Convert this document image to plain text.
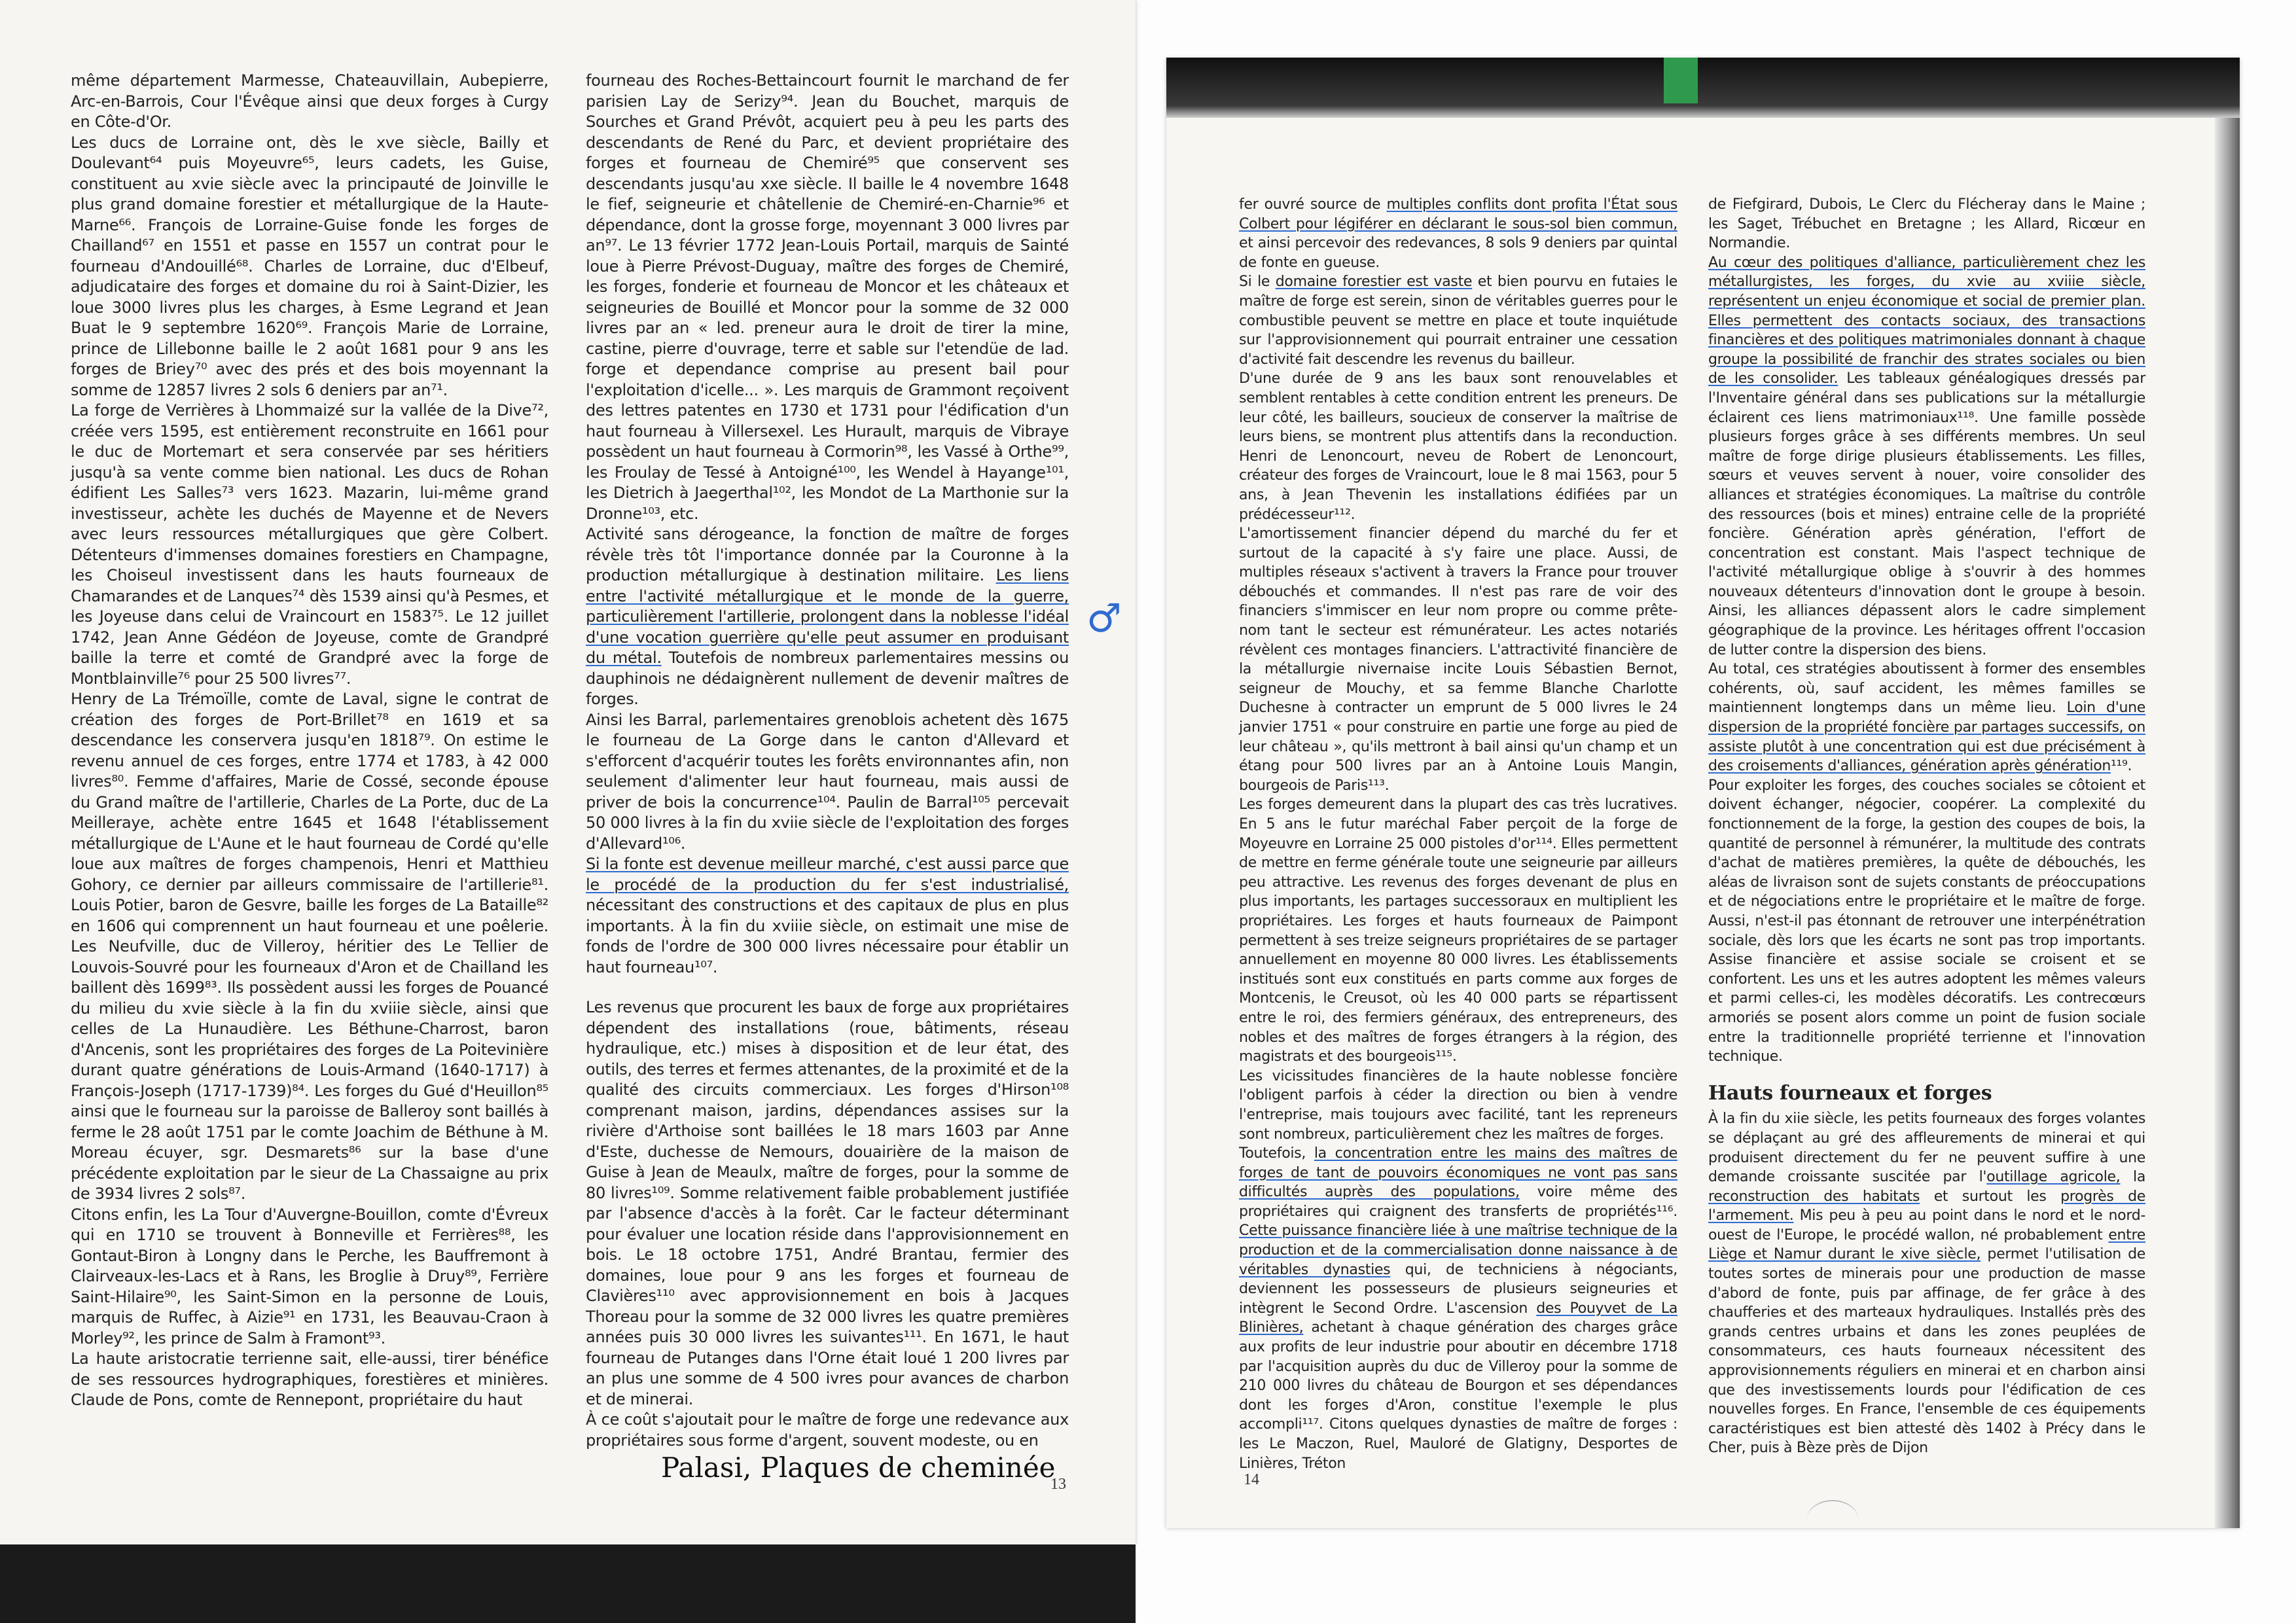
même département Marmesse, Chateauvillain, Aubepierre, Arc-en-Barrois, Cour l'Évêque ainsi que deux forges à Curgy en Côte-d'Or.

Les ducs de Lorraine ont, dès le xve siècle, Bailly et Doulevant⁶⁴ puis Moyeuvre⁶⁵, leurs cadets, les Guise, constituent au xvie siècle avec la principauté de Joinville le plus grand domaine forestier et métallurgique de la Haute-Marne⁶⁶. François de Lorraine-Guise fonde les forges de Chailland⁶⁷ en 1551 et passe en 1557 un contrat pour le fourneau d'Andouillé⁶⁸. Charles de Lorraine, duc d'Elbeuf, adjudicataire des forges et domaine du roi à Saint-Dizier, les loue 3000 livres plus les charges, à Esme Legrand et Jean Buat le 9 septembre 1620⁶⁹. François Marie de Lorraine, prince de Lillebonne baille le 2 août 1681 pour 9 ans les forges de Briey⁷⁰ avec des prés et des bois moyennant la somme de 12857 livres 2 sols 6 deniers par an⁷¹.

La forge de Verrières à Lhommaizé sur la vallée de la Dive⁷², créée vers 1595, est entièrement reconstruite en 1661 pour le duc de Mortemart et sera conservée par ses héritiers jusqu'à sa vente comme bien national. Les ducs de Rohan édifient Les Salles⁷³ vers 1623. Mazarin, lui-même grand investisseur, achète les duchés de Mayenne et de Nevers avec leurs ressources métallurgiques que gère Colbert. Détenteurs d'immenses domaines forestiers en Champagne, les Choiseul investissent dans les hauts fourneaux de Chamarandes et de Lanques⁷⁴ dès 1539 ainsi qu'à Pesmes, et les Joyeuse dans celui de Vraincourt en 1583⁷⁵. Le 12 juillet 1742, Jean Anne Gédéon de Joyeuse, comte de Grandpré baille la terre et comté de Grandpré avec la forge de Montblainville⁷⁶ pour 25 500 livres⁷⁷.

Henry de La Trémoïlle, comte de Laval, signe le contrat de création des forges de Port-Brillet⁷⁸ en 1619 et sa descendance les conservera jusqu'en 1818⁷⁹. On estime le revenu annuel de ces forges, entre 1774 et 1783, à 42 000 livres⁸⁰. Femme d'affaires, Marie de Cossé, seconde épouse du Grand maître de l'artillerie, Charles de La Porte, duc de La Meilleraye, achète entre 1645 et 1648 l'établissement métallurgique de L'Aune et le haut fourneau de Cordé qu'elle loue aux maîtres de forges champenois, Henri et Matthieu Gohory, ce dernier par ailleurs commissaire de l'artillerie⁸¹. Louis Potier, baron de Gesvre, baille les forges de La Bataille⁸² en 1606 qui comprennent un haut fourneau et une poêlerie. Les Neufville, duc de Villeroy, héritier des Le Tellier de Louvois-Souvré pour les fourneaux d'Aron et de Chailland les baillent dès 1699⁸³. Ils possèdent aussi les forges de Pouancé du milieu du xvie siècle à la fin du xviiie siècle, ainsi que celles de La Hunaudière. Les Béthune-Charrost, baron d'Ancenis, sont les propriétaires des forges de La Poitevinière durant quatre générations de Louis-Armand (1640-1717) à François-Joseph (1717-1739)⁸⁴. Les forges du Gué d'Heuillon⁸⁵ ainsi que le fourneau sur la paroisse de Balleroy sont baillés à ferme le 28 août 1751 par le comte Joachim de Béthune à M. Moreau écuyer, sgr. Desmarets⁸⁶ sur la base d'une précédente exploitation par le sieur de La Chassaigne au prix de 3934 livres 2 sols⁸⁷.

Citons enfin, les La Tour d'Auvergne-Bouillon, comte d'Évreux qui en 1710 se trouvent à Bonneville et Ferrières⁸⁸, les Gontaut-Biron à Longny dans le Perche, les Bauffremont à Clairveaux-les-Lacs et à Rans, les Broglie à Druy⁸⁹, Ferrière Saint-Hilaire⁹⁰, les Saint-Simon en la personne de Louis, marquis de Ruffec, à Aizie⁹¹ en 1731, les Beauvau-Craon à Morley⁹², les prince de Salm à Framont⁹³.

La haute aristocratie terrienne sait, elle-aussi, tirer bénéfice de ses ressources hydrographiques, forestières et minières. Claude de Pons, comte de Rennepont, propriétaire du haut

fourneau des Roches-Bettaincourt fournit le marchand de fer parisien Lay de Serizy⁹⁴. Jean du Bouchet, marquis de Sourches et Grand Prévôt, acquiert peu à peu les parts des descendants de René du Parc, et devient propriétaire des forges et fourneau de Chemiré⁹⁵ que conservent ses descendants jusqu'au xxe siècle. Il baille le 4 novembre 1648 le fief, seigneurie et châtellenie de Chemiré-en-Charnie⁹⁶ et dépendance, dont la grosse forge, moyennant 3 000 livres par an⁹⁷. Le 13 février 1772 Jean-Louis Portail, marquis de Sainté loue à Pierre Prévost-Duguay, maître des forges de Chemiré, les forges, fonderie et fourneau de Moncor et les châteaux et seigneuries de Bouillé et Moncor pour la somme de 32 000 livres par an « led. preneur aura le droit de tirer la mine, castine, pierre d'ouvrage, terre et sable sur l'etendüe de lad. forge et dependance comprise au present bail pour l'exploitation d'icelle... ». Les marquis de Grammont reçoivent des lettres patentes en 1730 et 1731 pour l'édification d'un haut fourneau à Villersexel. Les Hurault, marquis de Vibraye possèdent un haut fourneau à Cormorin⁹⁸, les Vassé à Orthe⁹⁹, les Froulay de Tessé à Antoigné¹⁰⁰, les Wendel à Hayange¹⁰¹, les Dietrich à Jaegerthal¹⁰², les Mondot de La Marthonie sur la Dronne¹⁰³, etc.

Activité sans dérogeance, la fonction de maître de forges révèle très tôt l'importance donnée par la Couronne à la production métallurgique à destination militaire. Les liens entre l'activité métallurgique et le monde de la guerre, particulièrement l'artillerie, prolongent dans la noblesse l'idéal d'une vocation guerrière qu'elle peut assumer en produisant du métal. Toutefois de nombreux parlementaires messins ou dauphinois ne dédaignèrent nullement de devenir maîtres de forges.

Ainsi les Barral, parlementaires grenoblois achetent dès 1675 le fourneau de La Gorge dans le canton d'Allevard et s'efforcent d'acquérir toutes les forêts environnantes afin, non seulement d'alimenter leur haut fourneau, mais aussi de priver de bois la concurrence¹⁰⁴. Paulin de Barral¹⁰⁵ percevait 50 000 livres à la fin du xviie siècle de l'exploitation des forges d'Allevard¹⁰⁶.

Si la fonte est devenue meilleur marché, c'est aussi parce que le procédé de la production du fer s'est industrialisé, nécessitant des constructions et des capitaux de plus en plus importants. À la fin du xviiie siècle, on estimait une mise de fonds de l'ordre de 300 000 livres nécessaire pour établir un haut fourneau¹⁰⁷.

Les revenus que procurent les baux de forge aux propriétaires dépendent des installations (roue, bâtiments, réseau hydraulique, etc.) mises à disposition et de leur état, des outils, des terres et fermes attenantes, de la proximité et de la qualité des circuits commerciaux. Les forges d'Hirson¹⁰⁸ comprenant maison, jardins, dépendances assises sur la rivière d'Arthoise sont baillées le 18 mars 1603 par Anne d'Este, duchesse de Nemours, douairière de la maison de Guise à Jean de Meaulx, maître de forges, pour la somme de 80 livres¹⁰⁹. Somme relativement faible probablement justifiée par l'absence d'accès à la forêt. Car le facteur déterminant pour évaluer une location réside dans l'approvisionnement en bois. Le 18 octobre 1751, André Brantau, fermier des domaines, loue pour 9 ans les forges et fourneau de Clavières¹¹⁰ avec approvisionnement en bois à Jacques Thoreau pour la somme de 32 000 livres les quatre premières années puis 30 000 livres les suivantes¹¹¹. En 1671, le haut fourneau de Putanges dans l'Orne était loué 1 200 livres par an plus une somme de 4 500 ivres pour avances de charbon et de minerai.

À ce coût s'ajoutait pour le maître de forge une redevance aux propriétaires sous forme d'argent, souvent modeste, ou en

♂
Palasi, Plaques de cheminée
13

fer ouvré source de multiples conflits dont profita l'État sous Colbert pour légiférer en déclarant le sous-sol bien commun, et ainsi percevoir des redevances, 8 sols 9 deniers par quintal de fonte en gueuse.

Si le domaine forestier est vaste et bien pourvu en futaies le maître de forge est serein, sinon de véritables guerres pour le combustible peuvent se mettre en place et toute inquiétude sur l'approvisionnement qui pourrait entrainer une cessation d'activité fait descendre les revenus du bailleur.

D'une durée de 9 ans les baux sont renouvelables et semblent rentables à cette condition entrent les preneurs. De leur côté, les bailleurs, soucieux de conserver la maîtrise de leurs biens, se montrent plus attentifs dans la reconduction. Henri de Lenoncourt, neveu de Robert de Lenoncourt, créateur des forges de Vraincourt, loue le 8 mai 1563, pour 5 ans, à Jean Thevenin les installations édifiées par un prédécesseur¹¹².

L'amortissement financier dépend du marché du fer et surtout de la capacité à s'y faire une place. Aussi, de multiples réseaux s'activent à travers la France pour trouver débouchés et commandes. Il n'est pas rare de voir des financiers s'immiscer en leur nom propre ou comme prête-nom tant le secteur est rémunérateur. Les actes notariés révèlent ces montages financiers. L'attractivité financière de la métallurgie nivernaise incite Louis Sébastien Bernot, seigneur de Mouchy, et sa femme Blanche Charlotte Duchesne à contracter un emprunt de 5 000 livres le 24 janvier 1751 « pour construire en partie une forge au pied de leur château », qu'ils mettront à bail ainsi qu'un champ et un étang pour 500 livres par an à Antoine Louis Mangin, bourgeois de Paris¹¹³.

Les forges demeurent dans la plupart des cas très lucratives. En 5 ans le futur maréchal Faber perçoit de la forge de Moyeuvre en Lorraine 25 000 pistoles d'or¹¹⁴. Elles permettent de mettre en ferme générale toute une seigneurie par ailleurs peu attractive. Les revenus des forges devenant de plus en plus importants, les partages successoraux en multiplient les propriétaires. Les forges et hauts fourneaux de Paimpont permettent à ses treize seigneurs propriétaires de se partager annuellement en moyenne 80 000 livres. Les établissements institués sont eux constitués en parts comme aux forges de Montcenis, le Creusot, où les 40 000 parts se répartissent entre le roi, des fermiers généraux, des entrepreneurs, des nobles et des maîtres de forges étrangers à la région, des magistrats et des bourgeois¹¹⁵.

Les vicissitudes financières de la haute noblesse foncière l'obligent parfois à céder la direction ou bien à vendre l'entreprise, mais toujours avec facilité, tant les repreneurs sont nombreux, particulièrement chez les maîtres de forges.

Toutefois, la concentration entre les mains des maîtres de forges de tant de pouvoirs économiques ne vont pas sans difficultés auprès des populations, voire même des propriétaires qui craignent des transferts de propriétés¹¹⁶. Cette puissance financière liée à une maîtrise technique de la production et de la commercialisation donne naissance à de véritables dynasties qui, de techniciens à négociants, deviennent les possesseurs de plusieurs seigneuries et intègrent le Second Ordre. L'ascension des Pouyvet de La Blinières, achetant à chaque génération des charges grâce aux profits de leur industrie pour aboutir en décembre 1718 par l'acquisition auprès du duc de Villeroy pour la somme de 210 000 livres du château de Bourgon et ses dépendances dont les forges d'Aron, constitue l'exemple le plus accompli¹¹⁷. Citons quelques dynasties de maître de forges : les Le Maczon, Ruel, Mauloré de Glatigny, Desportes de Linières, Tréton

de Fiefgirard, Dubois, Le Clerc du Flécheray dans le Maine ; les Saget, Trébuchet en Bretagne ; les Allard, Ricœur en Normandie.

Au cœur des politiques d'alliance, particulièrement chez les métallurgistes, les forges, du xvie au xviiie siècle, représentent un enjeu économique et social de premier plan. Elles permettent des contacts sociaux, des transactions financières et des politiques matrimoniales donnant à chaque groupe la possibilité de franchir des strates sociales ou bien de les consolider. Les tableaux généalogiques dressés par l'Inventaire général dans ses publications sur la métallurgie éclairent ces liens matrimoniaux¹¹⁸. Une famille possède plusieurs forges grâce à ses différents membres. Un seul maître de forge dirige plusieurs établissements. Les filles, sœurs et veuves servent à nouer, voire consolider des alliances et stratégies économiques. La maîtrise du contrôle des ressources (bois et mines) entraine celle de la propriété foncière. Génération après génération, l'effort de concentration est constant. Mais l'aspect technique de l'activité métallurgique oblige à s'ouvrir à des hommes nouveaux détenteurs d'innovation dont le groupe à besoin. Ainsi, les alliances dépassent alors le cadre simplement géographique de la province. Les héritages offrent l'occasion de lutter contre la dispersion des biens.

Au total, ces stratégies aboutissent à former des ensembles cohérents, où, sauf accident, les mêmes familles se maintiennent longtemps dans un même lieu. Loin d'une dispersion de la propriété foncière par partages successifs, on assiste plutôt à une concentration qui est due précisément à des croisements d'alliances, génération après génération¹¹⁹.

Pour exploiter les forges, des couches sociales se côtoient et doivent échanger, négocier, coopérer. La complexité du fonctionnement de la forge, la gestion des coupes de bois, la quantité de personnel à rémunérer, la multitude des contrats d'achat de matières premières, la quête de débouchés, les aléas de livraison sont de sujets constants de préoccupations et de négociations entre le propriétaire et le maître de forge. Aussi, n'est-il pas étonnant de retrouver une interpénétration sociale, dès lors que les écarts ne sont pas trop importants. Assise financière et assise sociale se croisent et se confortent. Les uns et les autres adoptent les mêmes valeurs et parmi celles-ci, les modèles décoratifs. Les contrecœurs armoriés se posent alors comme un point de fusion sociale entre la traditionnelle propriété terrienne et l'innovation technique.

Hauts fourneaux et forges

À la fin du xiie siècle, les petits fourneaux des forges volantes se déplaçant au gré des affleurements de minerai et qui produisent directement du fer ne peuvent suffire à une demande croissante suscitée par l'outillage agricole, la reconstruction des habitats et surtout les progrès de l'armement. Mis peu à peu au point dans le nord et le nord-ouest de l'Europe, le procédé wallon, né probablement entre Liège et Namur durant le xive siècle, permet l'utilisation de toutes sortes de minerais pour une production de masse d'abord de fonte, puis par affinage, de fer grâce à des chaufferies et des marteaux hydrauliques. Installés près des grands centres urbains et dans les zones peuplées de consommateurs, ces hauts fourneaux nécessitent des approvisionnements réguliers en minerai et en charbon ainsi que des investissements lourds pour l'édification de ces nouvelles forges. En France, l'ensemble de ces équipements caractéristiques est bien attesté dès 1402 à Précy dans le Cher, puis à Bèze près de Dijon

14
